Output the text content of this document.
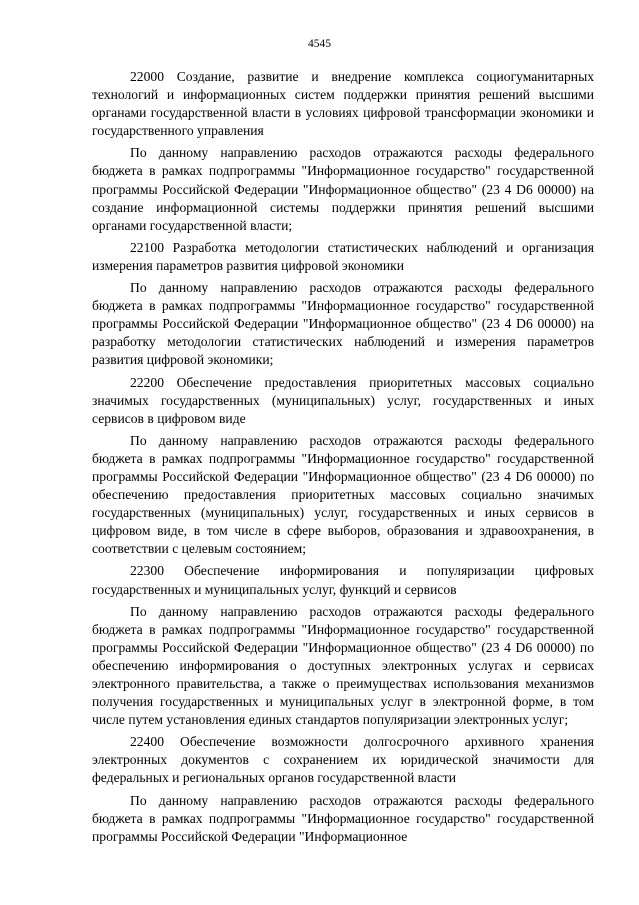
4545

22000 Создание, развитие и внедрение комплекса социогуманитарных технологий и информационных систем поддержки принятия решений высшими органами государственной власти в условиях цифровой трансформации экономики и государственного управления

По данному направлению расходов отражаются расходы федерального бюджета в рамках подпрограммы "Информационное государство" государственной программы Российской Федерации "Информационное общество" (23 4 D6 00000) на создание информационной системы поддержки принятия решений высшими органами государственной власти;

22100 Разработка методологии статистических наблюдений и организация измерения параметров развития цифровой экономики

По данному направлению расходов отражаются расходы федерального бюджета в рамках подпрограммы "Информационное государство" государственной программы Российской Федерации "Информационное общество" (23 4 D6 00000) на разработку методологии статистических наблюдений и измерения параметров развития цифровой экономики;

22200 Обеспечение предоставления приоритетных массовых социально значимых государственных (муниципальных) услуг, государственных и иных сервисов в цифровом виде

По данному направлению расходов отражаются расходы федерального бюджета в рамках подпрограммы "Информационное государство" государственной программы Российской Федерации "Информационное общество" (23 4 D6 00000) по обеспечению предоставления приоритетных массовых социально значимых государственных (муниципальных) услуг, государственных и иных сервисов в цифровом виде, в том числе в сфере выборов, образования и здравоохранения, в соответствии с целевым состоянием;

22300 Обеспечение информирования и популяризации цифровых государственных и муниципальных услуг, функций и сервисов

По данному направлению расходов отражаются расходы федерального бюджета в рамках подпрограммы "Информационное государство" государственной программы Российской Федерации "Информационное общество" (23 4 D6 00000) по обеспечению информирования о доступных электронных услугах и сервисах электронного правительства, а также о преимуществах использования механизмов получения государственных и муниципальных услуг в электронной форме, в том числе путем установления единых стандартов популяризации электронных услуг;

22400 Обеспечение возможности долгосрочного архивного хранения электронных документов с сохранением их юридической значимости для федеральных и региональных органов государственной власти

По данному направлению расходов отражаются расходы федерального бюджета в рамках подпрограммы "Информационное государство" государственной программы Российской Федерации "Информационное
